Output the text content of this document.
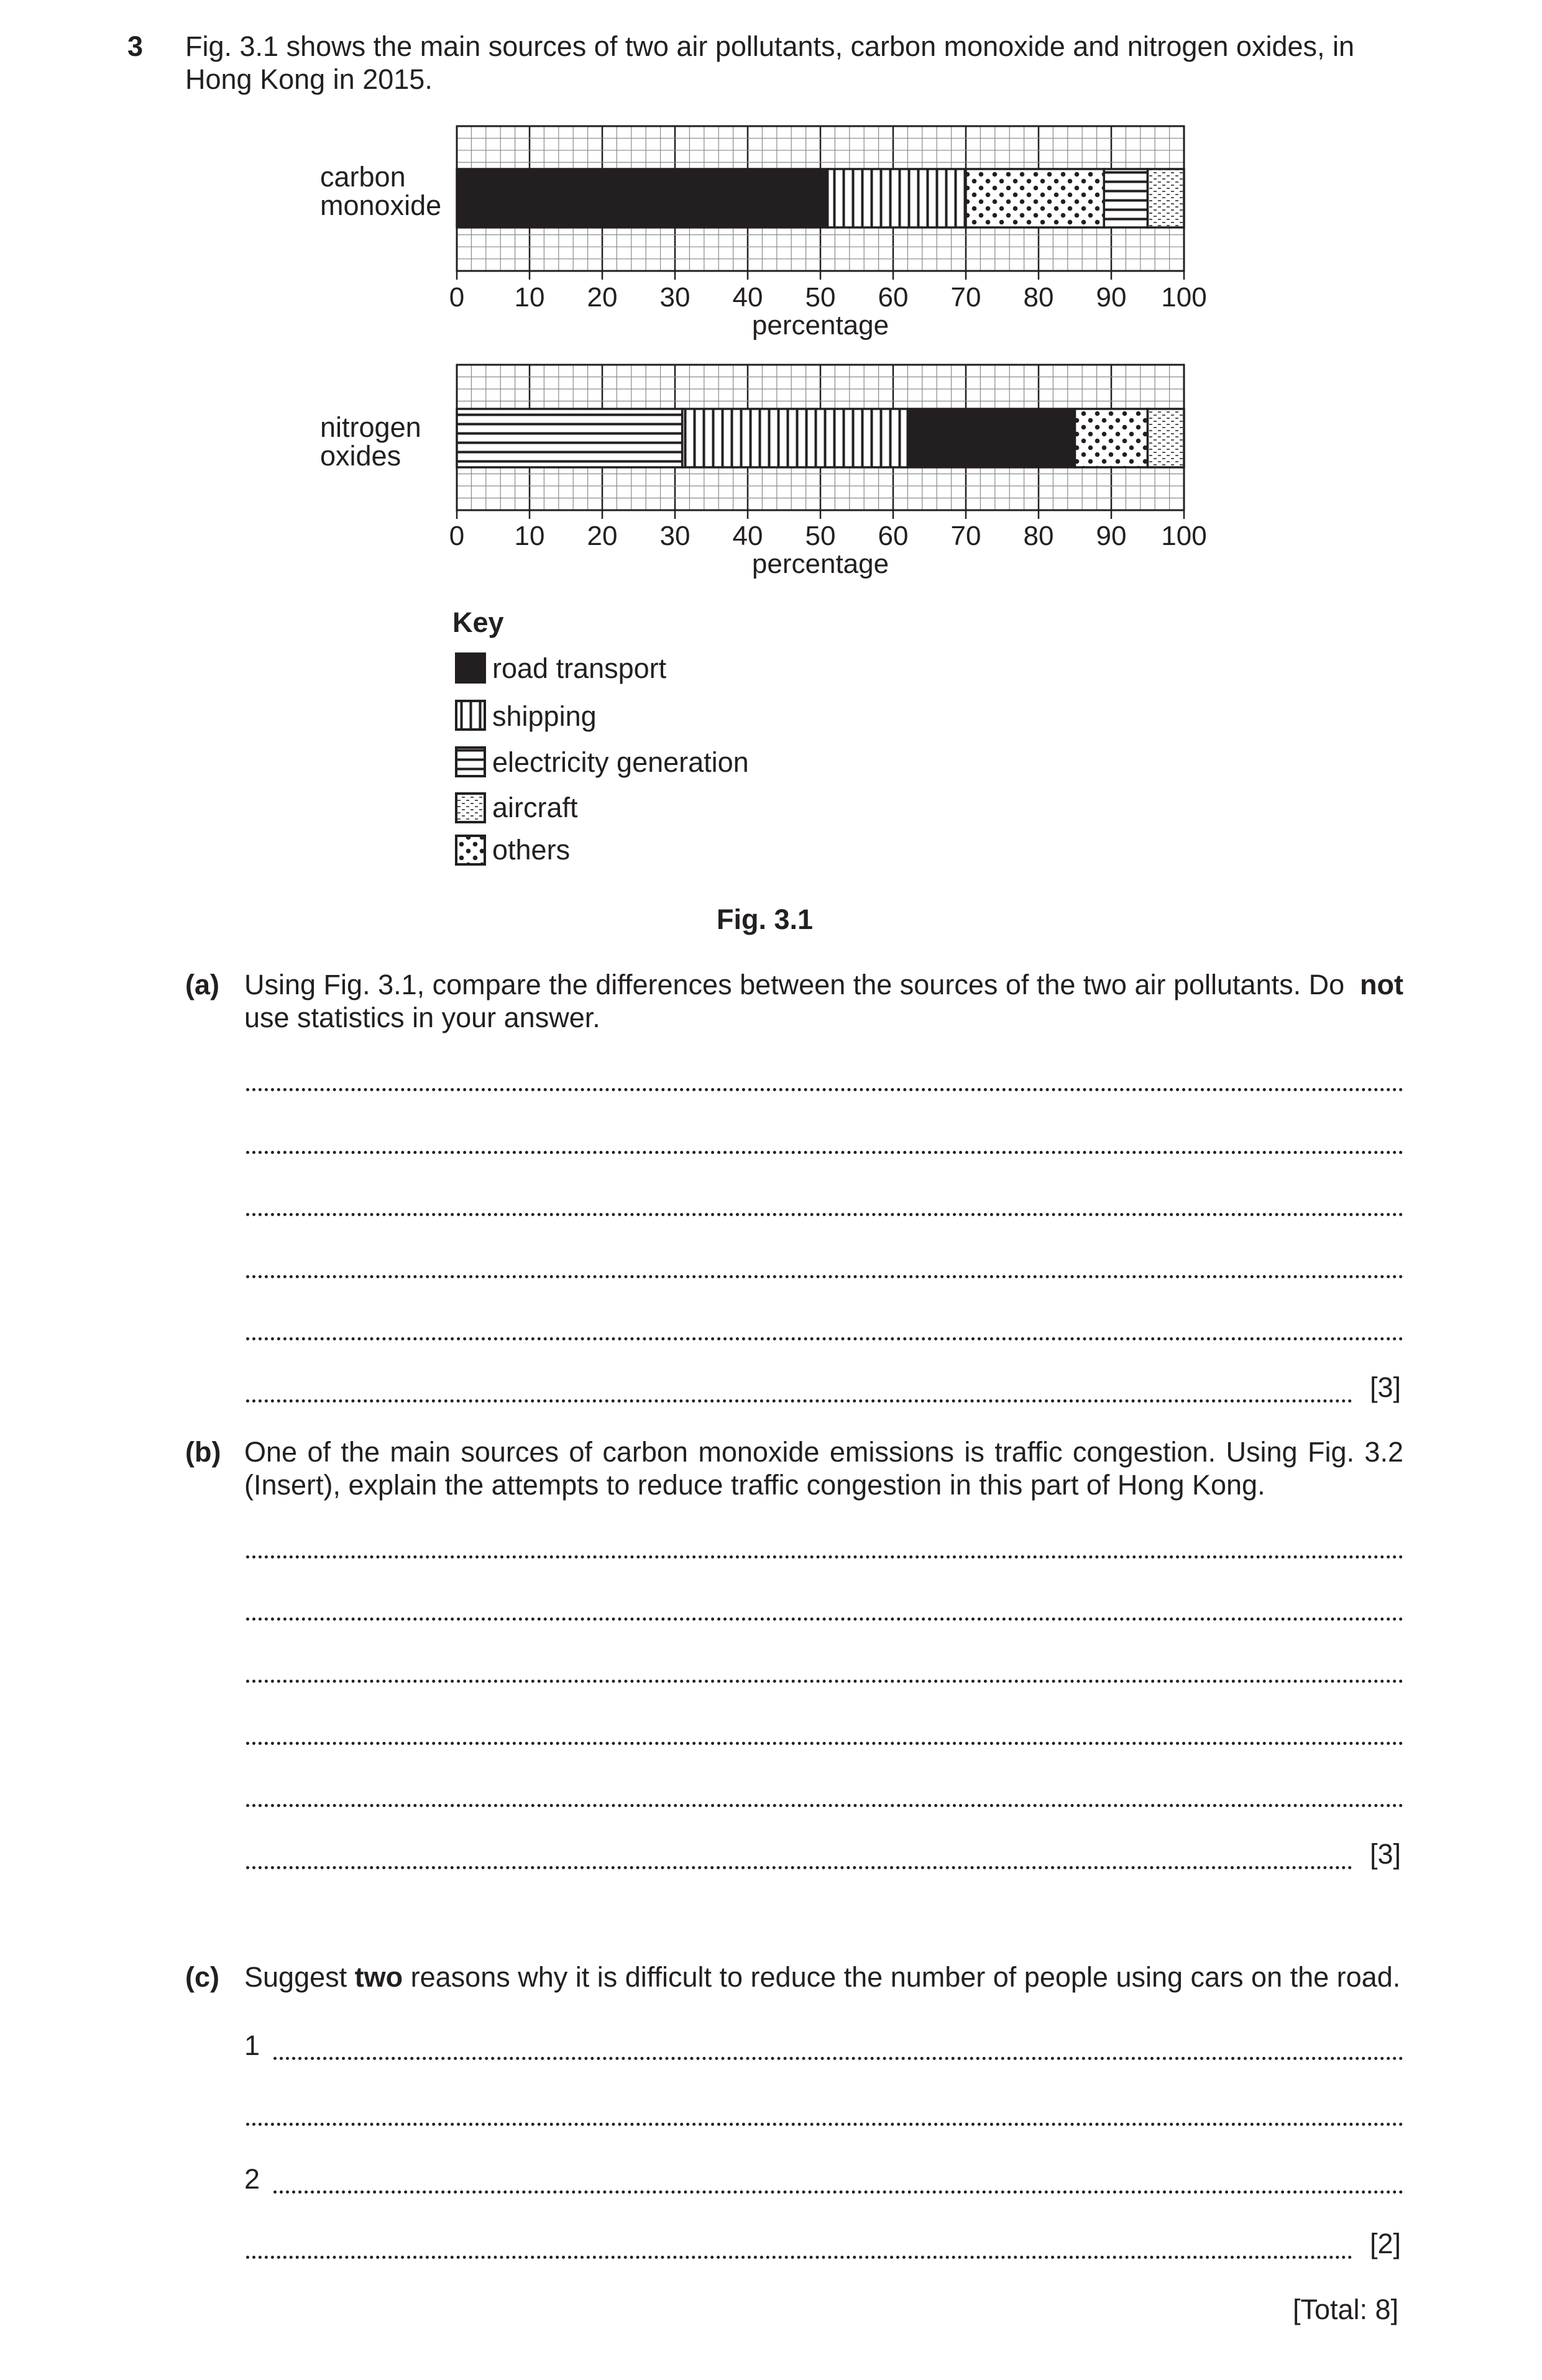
3 Fig. 3.1 shows the main sources of two air pollutants, carbon monoxide and nitrogen oxides, in
Hong Kong in 2015.
carbon
monoxide
nitrogen
oxides
0 10 20 30 40 50 60 70 80 90 100
percentage
0 10 20 30 40 50 60 70 80 90 100
percentage
Key
road transport
shipping
electricity generation
aircraft
others
Fig. 3.1
(a) Using Fig. 3.1, compare the differences between the sources of the two air pollutants. Do not
use statistics in your answer.
[3]
(b) One of the main sources of carbon monoxide emissions is traffic congestion. Using Fig. 3.2
(Insert), explain the attempts to reduce traffic congestion in this part of Hong Kong.
[3]
(c) Suggest two reasons why it is difficult to reduce the number of people using cars on the road.
1
2
[2]
[Total: 8]
